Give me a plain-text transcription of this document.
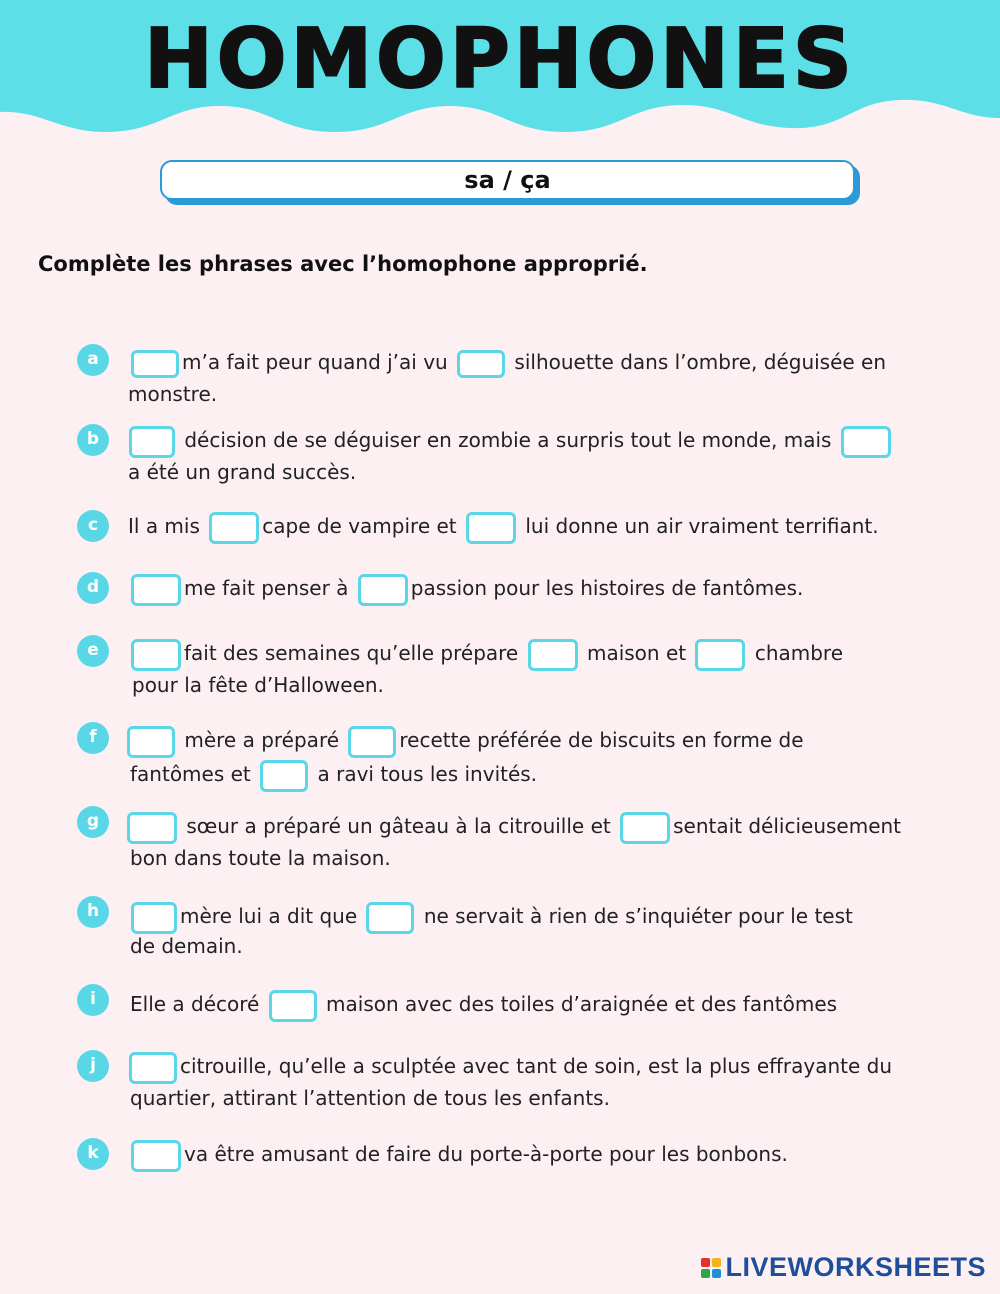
HOMOPHONES
sa / ça
Complète les phrases avec l’homophone approprié.
a	m’a fait peur quand j’ai vu	silhouette dans l’ombre, déguisée en
monstre.
b	décision de se déguiser en zombie a surpris tout le monde, mais
a été un grand succès.
c	Il a mis	cape de vampire et	lui donne un air vraiment terrifiant.
d	me fait penser à	passion pour les histoires de fantômes.
e	fait des semaines qu’elle prépare	maison et	chambre
pour la fête d’Halloween.
f	mère a préparé	recette préférée de biscuits en forme de
fantômes et	a ravi tous les invités.
g	sœur a préparé un gâteau à la citrouille et	sentait délicieusement
bon dans toute la maison.
h	mère lui a dit que	ne servait à rien de s’inquiéter pour le test
de demain.
i	Elle a décoré	maison avec des toiles d’araignée et des fantômes
j	citrouille, qu’elle a sculptée avec tant de soin, est la plus effrayante du
quartier, attirant l’attention de tous les enfants.
k	va être amusant de faire du porte-à-porte pour les bonbons.
LIVEWORKSHEETS
